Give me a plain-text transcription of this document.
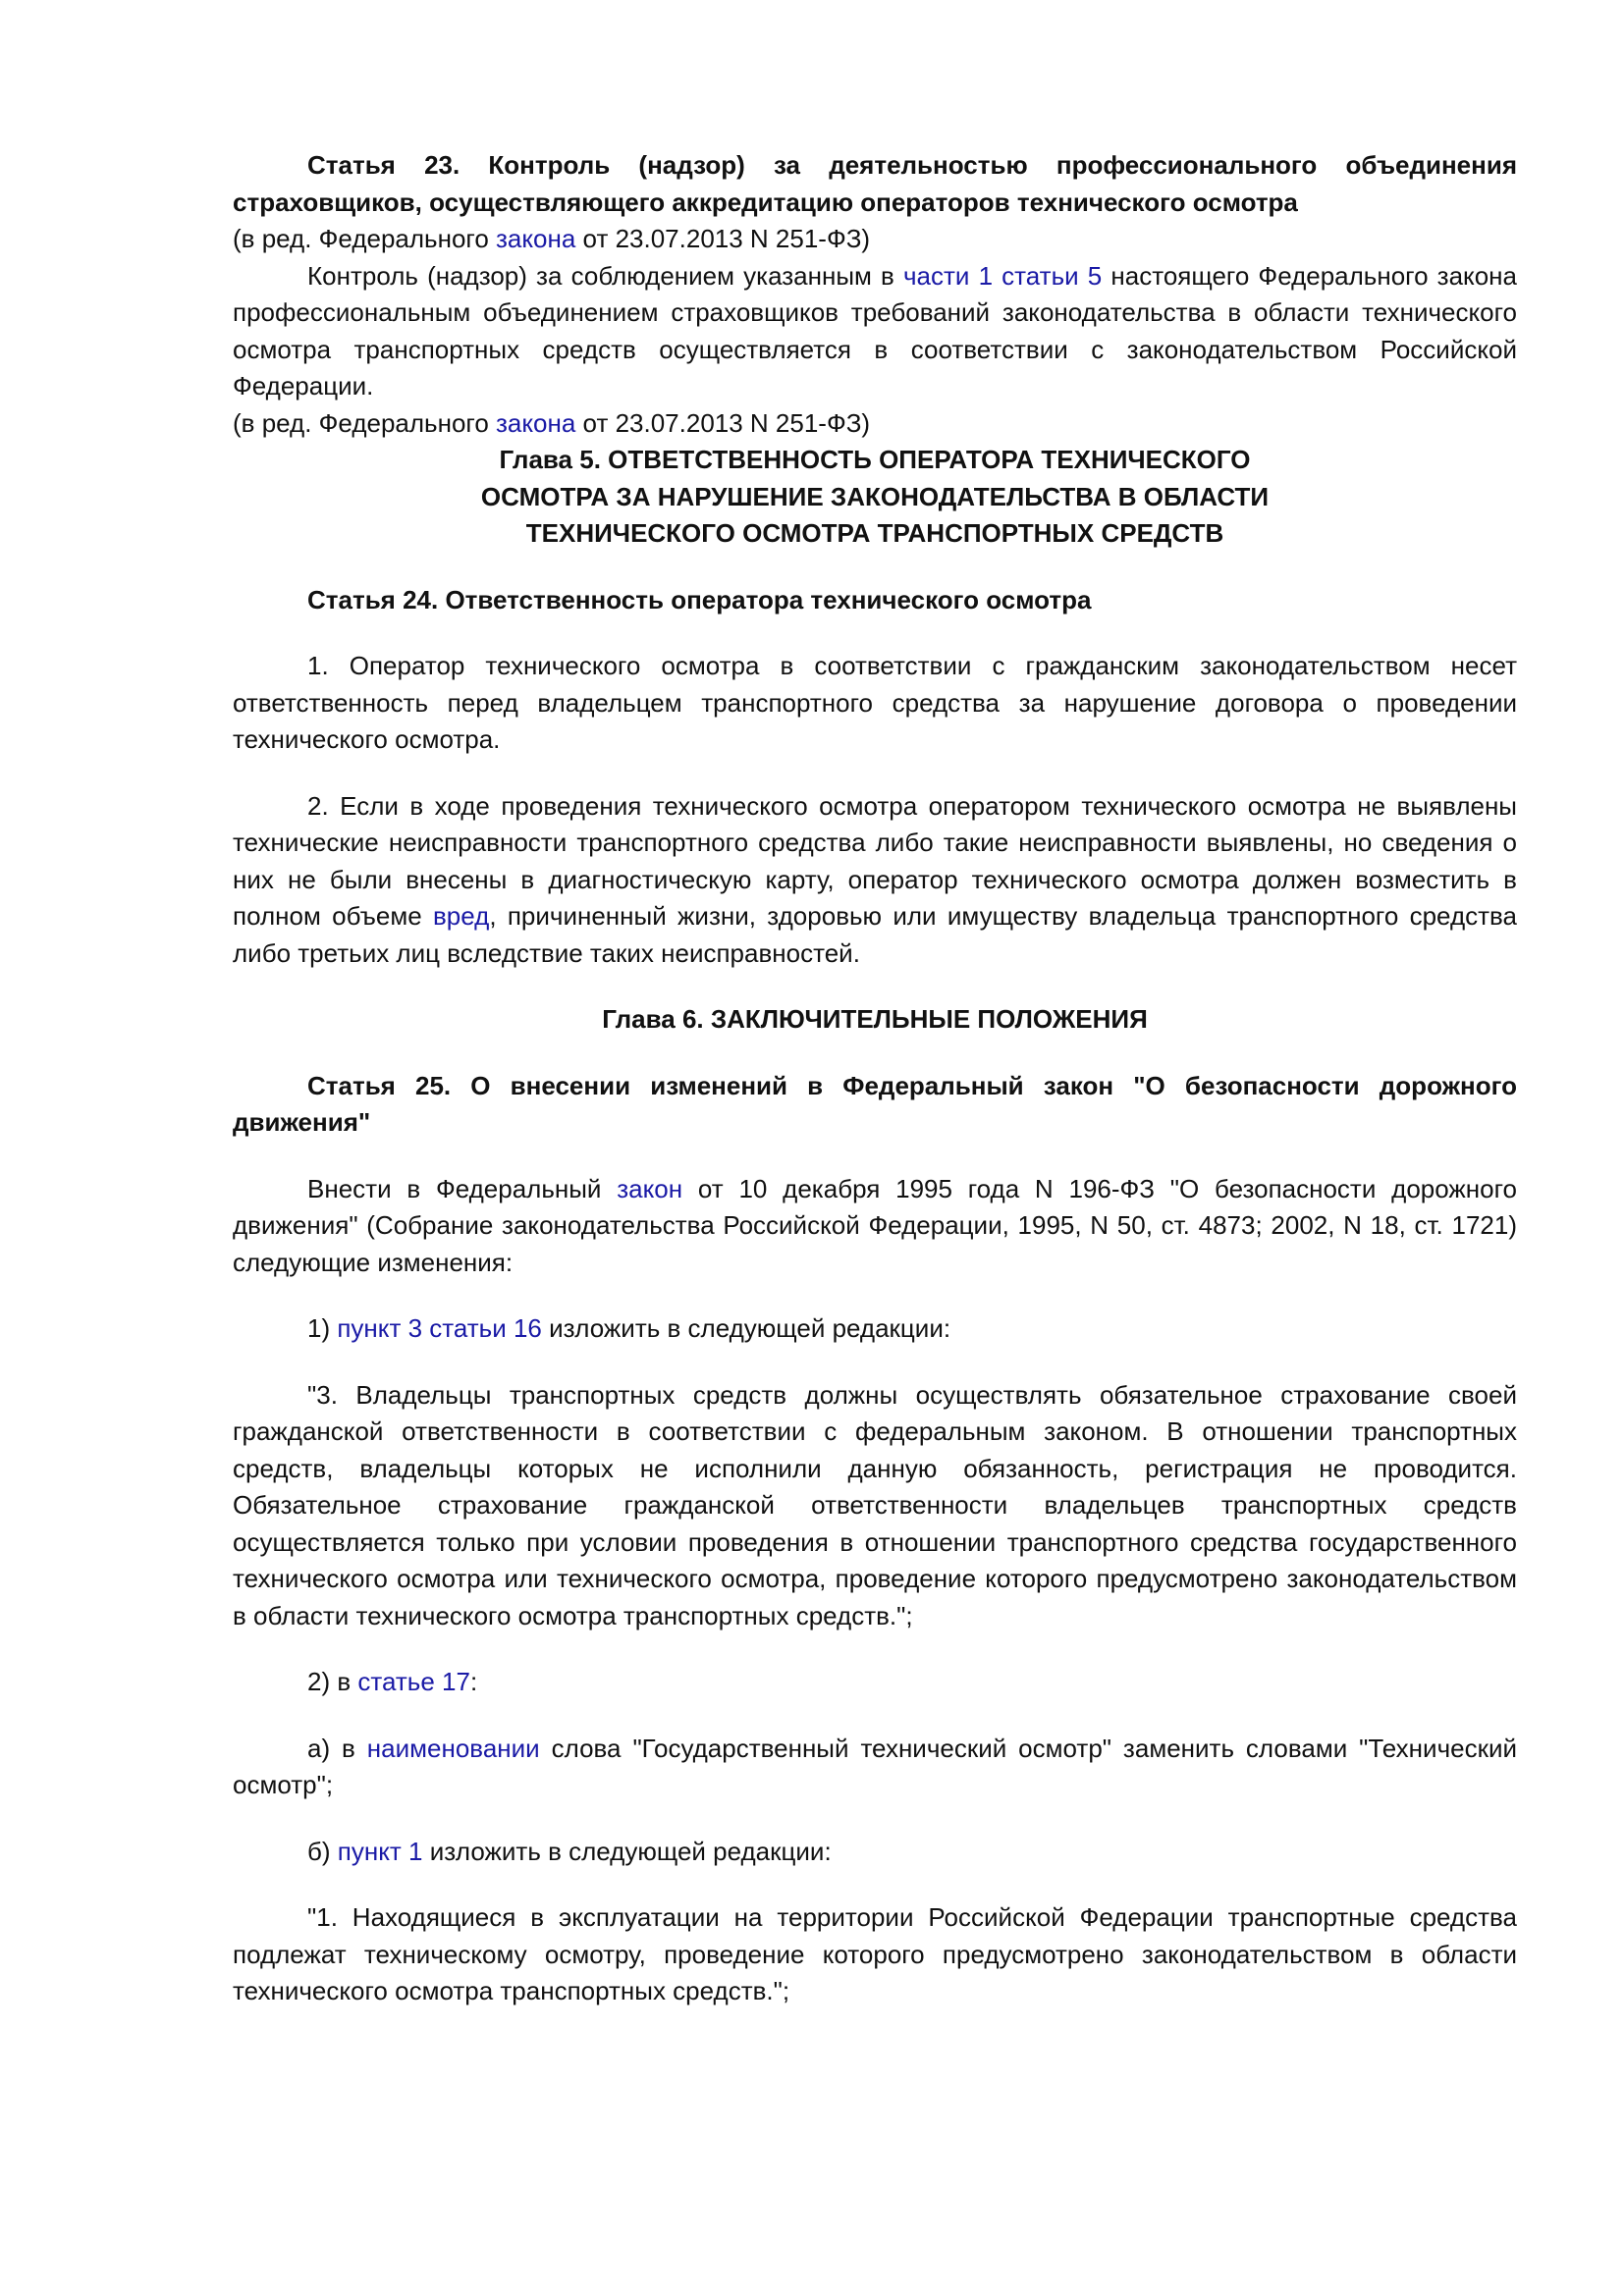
Статья 23. Контроль (надзор) за деятельностью профессионального объединения страховщиков, осуществляющего аккредитацию операторов технического осмотра

(в ред. Федерального закона от 23.07.2013 N 251-ФЗ)

Контроль (надзор) за соблюдением указанным в части 1 статьи 5 настоящего Федерального закона профессиональным объединением страховщиков требований законодательства в области технического осмотра транспортных средств осуществляется в соответствии с законодательством Российской Федерации.

(в ред. Федерального закона от 23.07.2013 N 251-ФЗ)

Глава 5. ОТВЕТСТВЕННОСТЬ ОПЕРАТОРА ТЕХНИЧЕСКОГО
ОСМОТРА ЗА НАРУШЕНИЕ ЗАКОНОДАТЕЛЬСТВА В ОБЛАСТИ
ТЕХНИЧЕСКОГО ОСМОТРА ТРАНСПОРТНЫХ СРЕДСТВ

Статья 24. Ответственность оператора технического осмотра

1. Оператор технического осмотра в соответствии с гражданским законодательством несет ответственность перед владельцем транспортного средства за нарушение договора о проведении технического осмотра.

2. Если в ходе проведения технического осмотра оператором технического осмотра не выявлены технические неисправности транспортного средства либо такие неисправности выявлены, но сведения о них не были внесены в диагностическую карту, оператор технического осмотра должен возместить в полном объеме вред, причиненный жизни, здоровью или имуществу владельца транспортного средства либо третьих лиц вследствие таких неисправностей.

Глава 6. ЗАКЛЮЧИТЕЛЬНЫЕ ПОЛОЖЕНИЯ

Статья 25. О внесении изменений в Федеральный закон "О безопасности дорожного движения"

Внести в Федеральный закон от 10 декабря 1995 года N 196-ФЗ "О безопасности дорожного движения" (Собрание законодательства Российской Федерации, 1995, N 50, ст. 4873; 2002, N 18, ст. 1721) следующие изменения:

1) пункт 3 статьи 16 изложить в следующей редакции:

"3. Владельцы транспортных средств должны осуществлять обязательное страхование своей гражданской ответственности в соответствии с федеральным законом. В отношении транспортных средств, владельцы которых не исполнили данную обязанность, регистрация не проводится. Обязательное страхование гражданской ответственности владельцев транспортных средств осуществляется только при условии проведения в отношении транспортного средства государственного технического осмотра или технического осмотра, проведение которого предусмотрено законодательством в области технического осмотра транспортных средств.";

2) в статье 17:

а) в наименовании слова "Государственный технический осмотр" заменить словами "Технический осмотр";

б) пункт 1 изложить в следующей редакции:

"1. Находящиеся в эксплуатации на территории Российской Федерации транспортные средства подлежат техническому осмотру, проведение которого предусмотрено законодательством в области технического осмотра транспортных средств.";
